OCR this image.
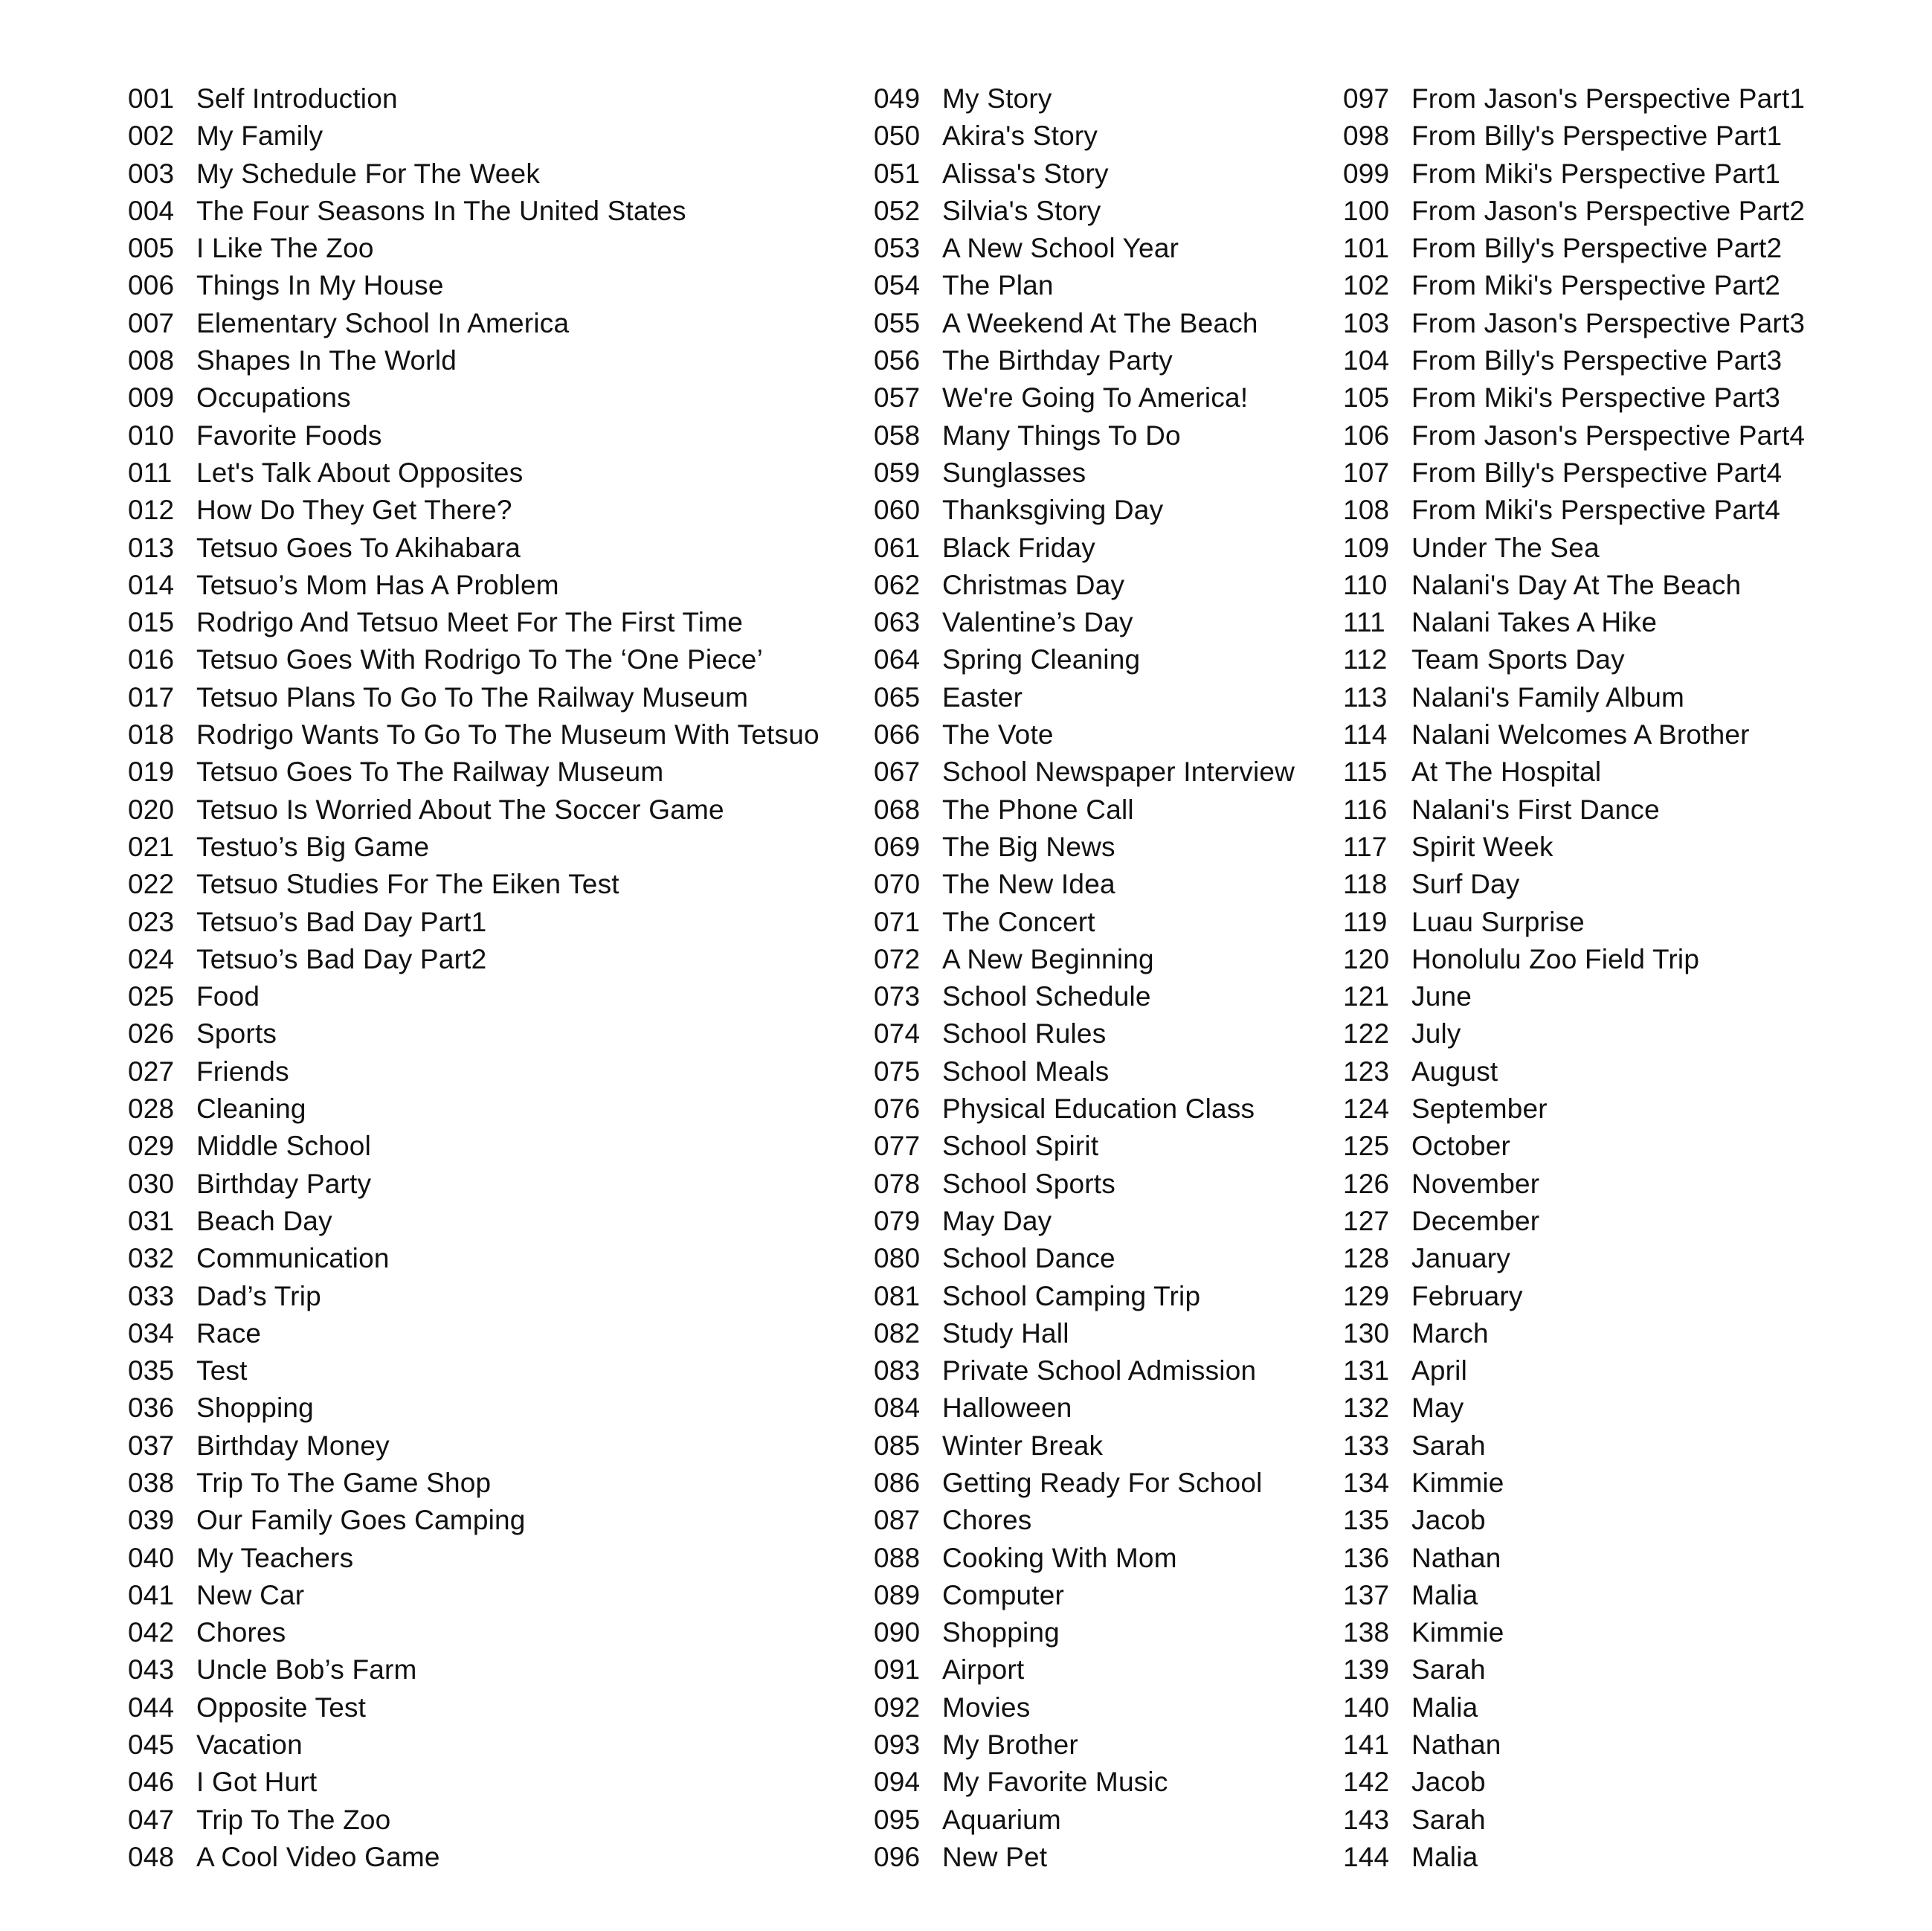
001 Self Introduction
002 My Family
003 My Schedule For The Week
004 The Four Seasons In The United States
005 I Like The Zoo
006 Things In My House
007 Elementary School In America
008 Shapes In The World
009 Occupations
010 Favorite Foods
011 Let's Talk About Opposites
012 How Do They Get There?
013 Tetsuo Goes To Akihabara
014 Tetsuo’s Mom Has A Problem
015 Rodrigo And Tetsuo Meet For The First Time
016 Tetsuo Goes With Rodrigo To The ‘One Piece’
017 Tetsuo Plans To Go To The Railway Museum
018 Rodrigo Wants To Go To The Museum With Tetsuo
019 Tetsuo Goes To The Railway Museum
020 Tetsuo Is Worried About The Soccer Game
021 Testuo’s Big Game
022 Tetsuo Studies For The Eiken Test
023 Tetsuo’s Bad Day Part1
024 Tetsuo’s Bad Day Part2
025 Food
026 Sports
027 Friends
028 Cleaning
029 Middle School
030 Birthday Party
031 Beach Day
032 Communication
033 Dad’s Trip
034 Race
035 Test
036 Shopping
037 Birthday Money
038 Trip To The Game Shop
039 Our Family Goes Camping
040 My Teachers
041 New Car
042 Chores
043 Uncle Bob’s Farm
044 Opposite Test
045 Vacation
046 I Got Hurt
047 Trip To The Zoo
048 A Cool Video Game
049 My Story
050 Akira's Story
051 Alissa's Story
052 Silvia's Story
053 A New School Year
054 The Plan
055 A Weekend At The Beach
056 The Birthday Party
057 We're Going To America!
058 Many Things To Do
059 Sunglasses
060 Thanksgiving Day
061 Black Friday
062 Christmas Day
063 Valentine’s Day
064 Spring Cleaning
065 Easter
066 The Vote
067 School Newspaper Interview
068 The Phone Call
069 The Big News
070 The New Idea
071 The Concert
072 A New Beginning
073 School Schedule
074 School Rules
075 School Meals
076 Physical Education Class
077 School Spirit
078 School Sports
079 May Day
080 School Dance
081 School Camping Trip
082 Study Hall
083 Private School Admission
084 Halloween
085 Winter Break
086 Getting Ready For School
087 Chores
088 Cooking With Mom
089 Computer
090 Shopping
091 Airport
092 Movies
093 My Brother
094 My Favorite Music
095 Aquarium
096 New Pet
097 From Jason's Perspective Part1
098 From Billy's Perspective Part1
099 From Miki's Perspective Part1
100 From Jason's Perspective Part2
101 From Billy's Perspective Part2
102 From Miki's Perspective Part2
103 From Jason's Perspective Part3
104 From Billy's Perspective Part3
105 From Miki's Perspective Part3
106 From Jason's Perspective Part4
107 From Billy's Perspective Part4
108 From Miki's Perspective Part4
109 Under The Sea
110 Nalani's Day At The Beach
111 Nalani Takes A Hike
112 Team Sports Day
113 Nalani's Family Album
114 Nalani Welcomes A Brother
115 At The Hospital
116 Nalani's First Dance
117 Spirit Week
118 Surf Day
119 Luau Surprise
120 Honolulu Zoo Field Trip
121 June
122 July
123 August
124 September
125 October
126 November
127 December
128 January
129 February
130 March
131 April
132 May
133 Sarah
134 Kimmie
135 Jacob
136 Nathan
137 Malia
138 Kimmie
139 Sarah
140 Malia
141 Nathan
142 Jacob
143 Sarah
144 Malia
